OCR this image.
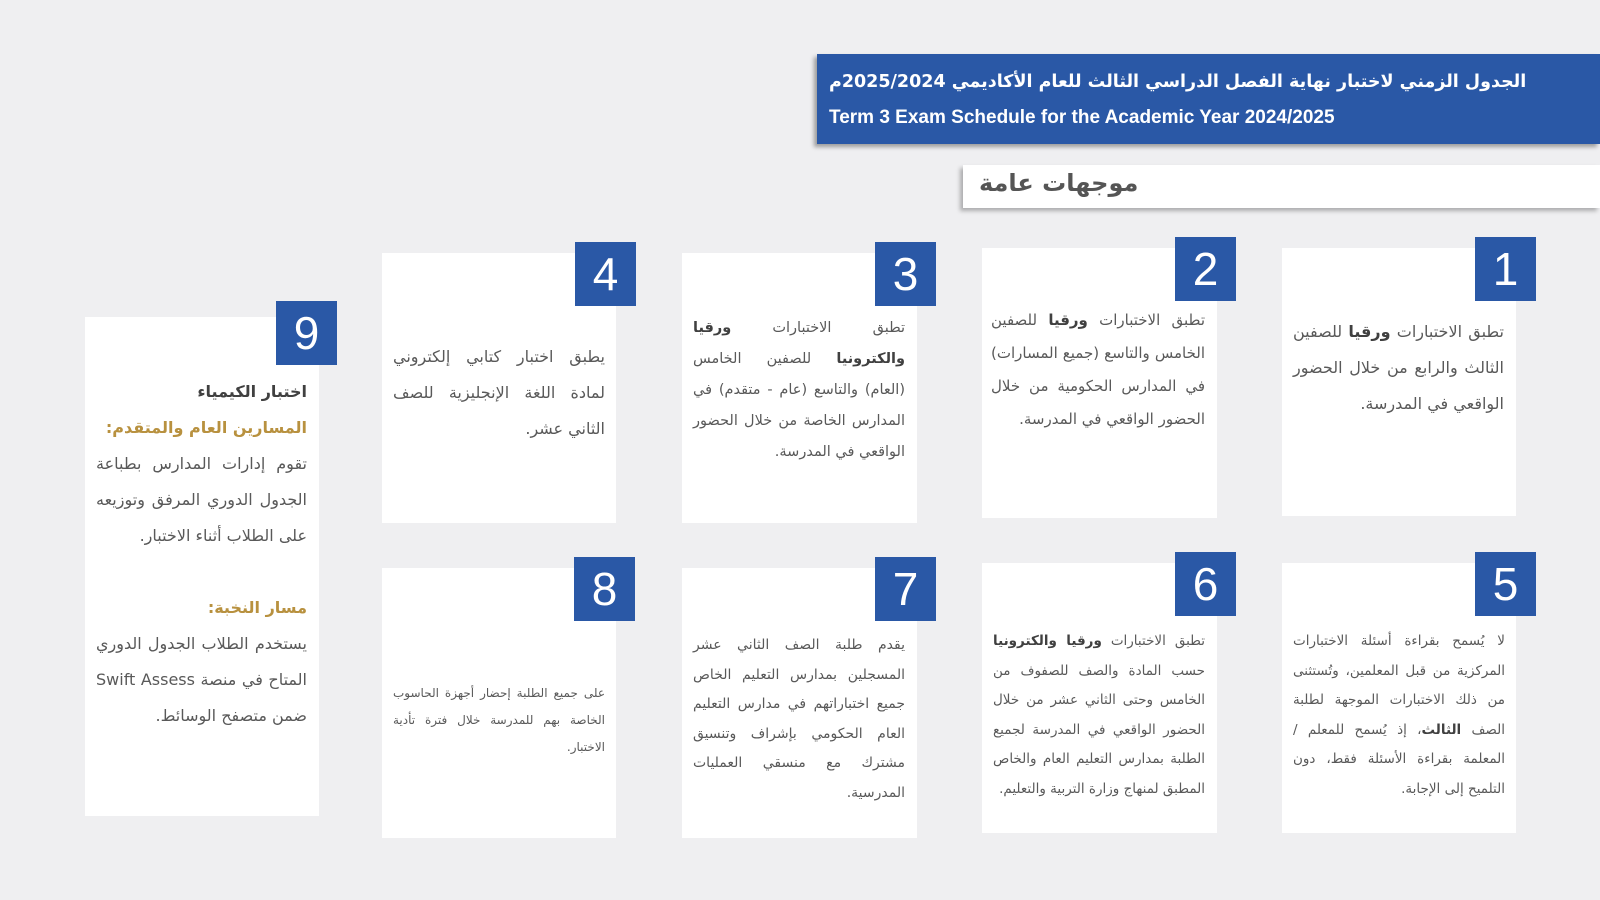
الجدول الزمني لاختبار نهاية الفصل الدراسي الثالث للعام الأكاديمي 2025/2024م
Term 3 Exam Schedule for the Academic Year 2024/2025
موجهات عامة
1
تطبق الاختبارات ورقيا للصفين الثالث والرابع من خلال الحضور الواقعي في المدرسة.
2
تطبق الاختبارات ورقيا للصفين الخامس والتاسع (جميع المسارات) في المدارس الحكومية من خلال الحضور الواقعي في المدرسة.
3
تطبق الاختبارات ورقيا والكترونيا للصفين الخامس (العام) والتاسع (عام - متقدم) في المدارس الخاصة من خلال الحضور الواقعي في المدرسة.
4
يطبق اختبار كتابي إلكتروني لمادة اللغة الإنجليزية للصف الثاني عشر.
5
لا يُسمح بقراءة أسئلة الاختبارات المركزية من قبل المعلمين، وتُستثنى من ذلك الاختبارات الموجهة لطلبة الصف الثالث، إذ يُسمح للمعلم / المعلمة بقراءة الأسئلة فقط، دون التلميح إلى الإجابة.
6
تطبق الاختبارات ورقيا والكترونيا حسب المادة والصف للصفوف من الخامس وحتى الثاني عشر من خلال الحضور الواقعي في المدرسة لجميع الطلبة بمدارس التعليم العام والخاص المطبق لمنهاج وزارة التربية والتعليم.
7
يقدم طلبة الصف الثاني عشر المسجلين بمدارس التعليم الخاص جميع اختباراتهم في مدارس التعليم العام الحكومي بإشراف وتنسيق مشترك مع منسقي العمليات المدرسية.
8
على جميع الطلبة إحضار أجهزة الحاسوب الخاصة بهم للمدرسة خلال فترة تأدية الاختبار.
9
اختبار الكيمياء
المسارين العام والمتقدم:
تقوم إدارات المدارس بطباعة الجدول الدوري المرفق وتوزيعه على الطلاب أثناء الاختبار.
مسار النخبة:
يستخدم الطلاب الجدول الدوري المتاح في منصة Swift Assess ضمن متصفح الوسائط.
